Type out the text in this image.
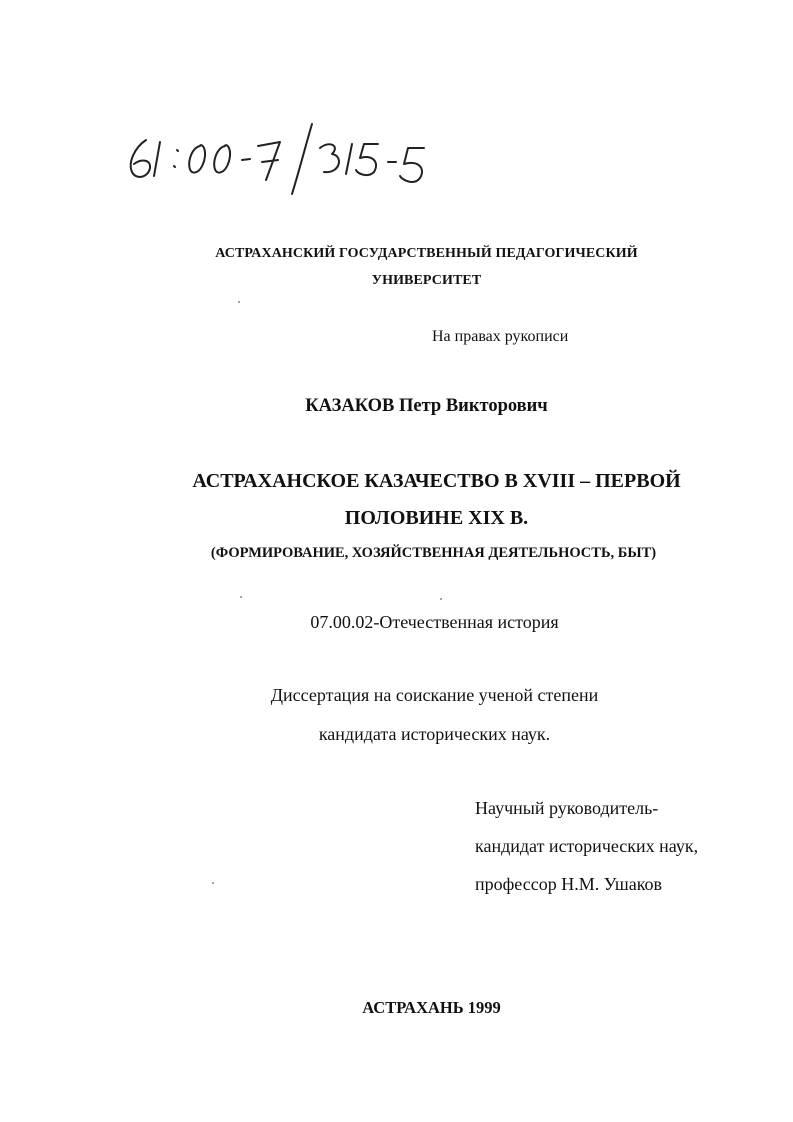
АСТРАХАНСКИЙ ГОСУДАРСТВЕННЫЙ ПЕДАГОГИЧЕСКИЙ
УНИВЕРСИТЕТ
На правах рукописи
КАЗАКОВ Петр Викторович
АСТРАХАНСКОЕ КАЗАЧЕСТВО В XVIII – ПЕРВОЙ
ПОЛОВИНЕ XIX В.
(ФОРМИРОВАНИЕ, ХОЗЯЙСТВЕННАЯ ДЕЯТЕЛЬНОСТЬ, БЫТ)
07.00.02-Отечественная история
Диссертация на соискание ученой степени
кандидата исторических наук.
Научный руководитель-
кандидат исторических наук,
профессор Н.М. Ушаков
АСТРАХАНЬ 1999
